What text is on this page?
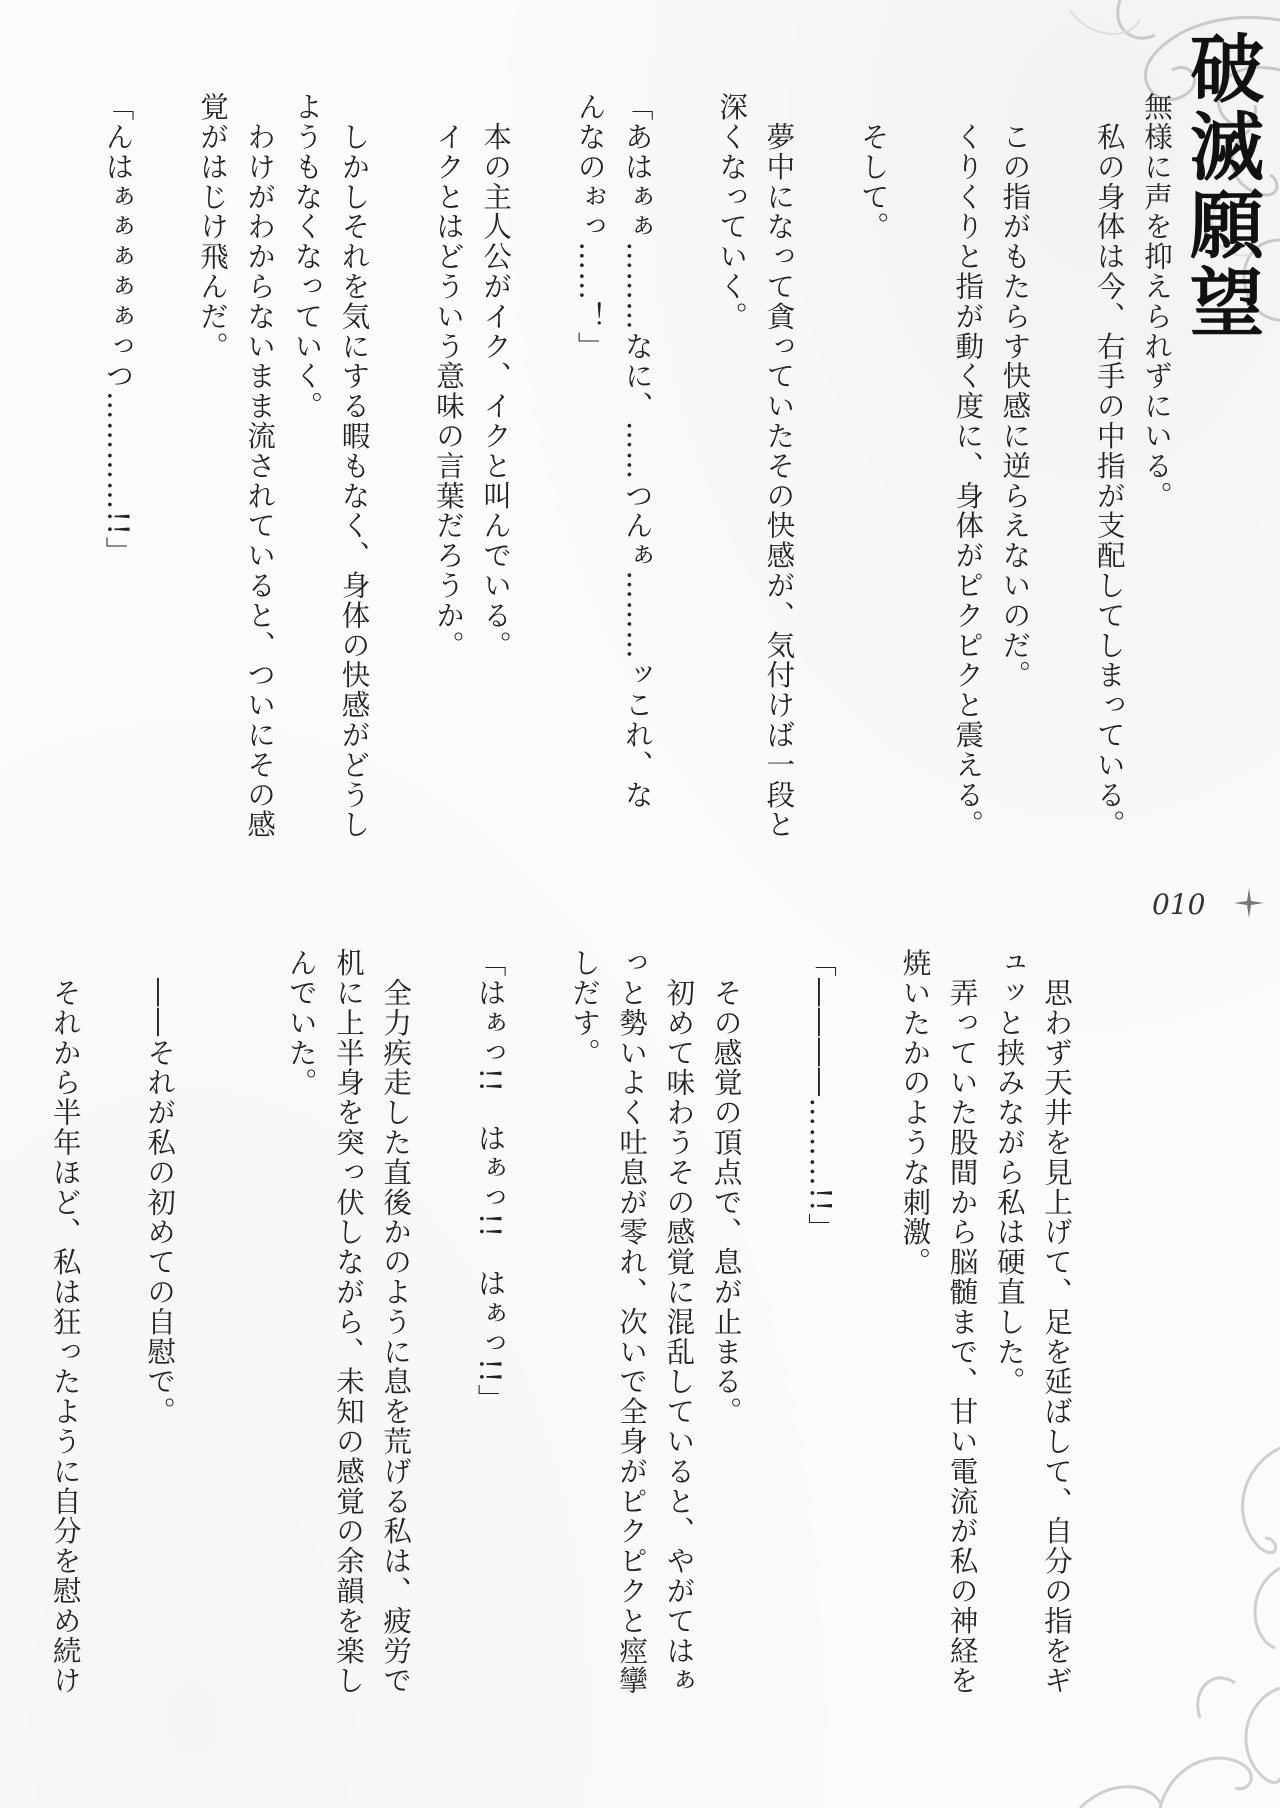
破滅願望
無様に声を抑えられずにいる。
　私の身体は今、右手の中指が支配してしまっている。

　この指がもたらす快感に逆らえないのだ。
　くりくりと指が動く度に、身体がピクピクと震える。

　そして。

　夢中になって貪っていたその快感が、気付けば一段と
深くなっていく。

「あはぁぁ………なに、……つんぁ………ッこれ、な
んなのぉっ……！」

　本の主人公がイク、イクと叫んでいる。
　イクとはどういう意味の言葉だろうか。

　しかしそれを気にする暇もなく、身体の快感がどうし
ようもなくなっていく。
　わけがわからないまま流されていると、ついにその感
覚がはじけ飛んだ。

「んはぁぁぁぁぁっつ…………!!」
010
　思わず天井を見上げて、足を延ばして、自分の指をギ
ュッと挟みながら私は硬直した。
　弄っていた股間から脳髄まで、甘い電流が私の神経を
焼いたかのような刺激。

「――――………!!」

　その感覚の頂点で、息が止まる。
　初めて味わうその感覚に混乱していると、やがてはぁ
っと勢いよく吐息が零れ、次いで全身がピクピクと痙攣
しだす。

「はぁっ!!　はぁっ!!　はぁっ!!」

　全力疾走した直後かのように息を荒げる私は、疲労で
机に上半身を突っ伏しながら、未知の感覚の余韻を楽し
んでいた。

　――それが私の初めての自慰で。

　それから半年ほど、私は狂ったように自分を慰め続け
